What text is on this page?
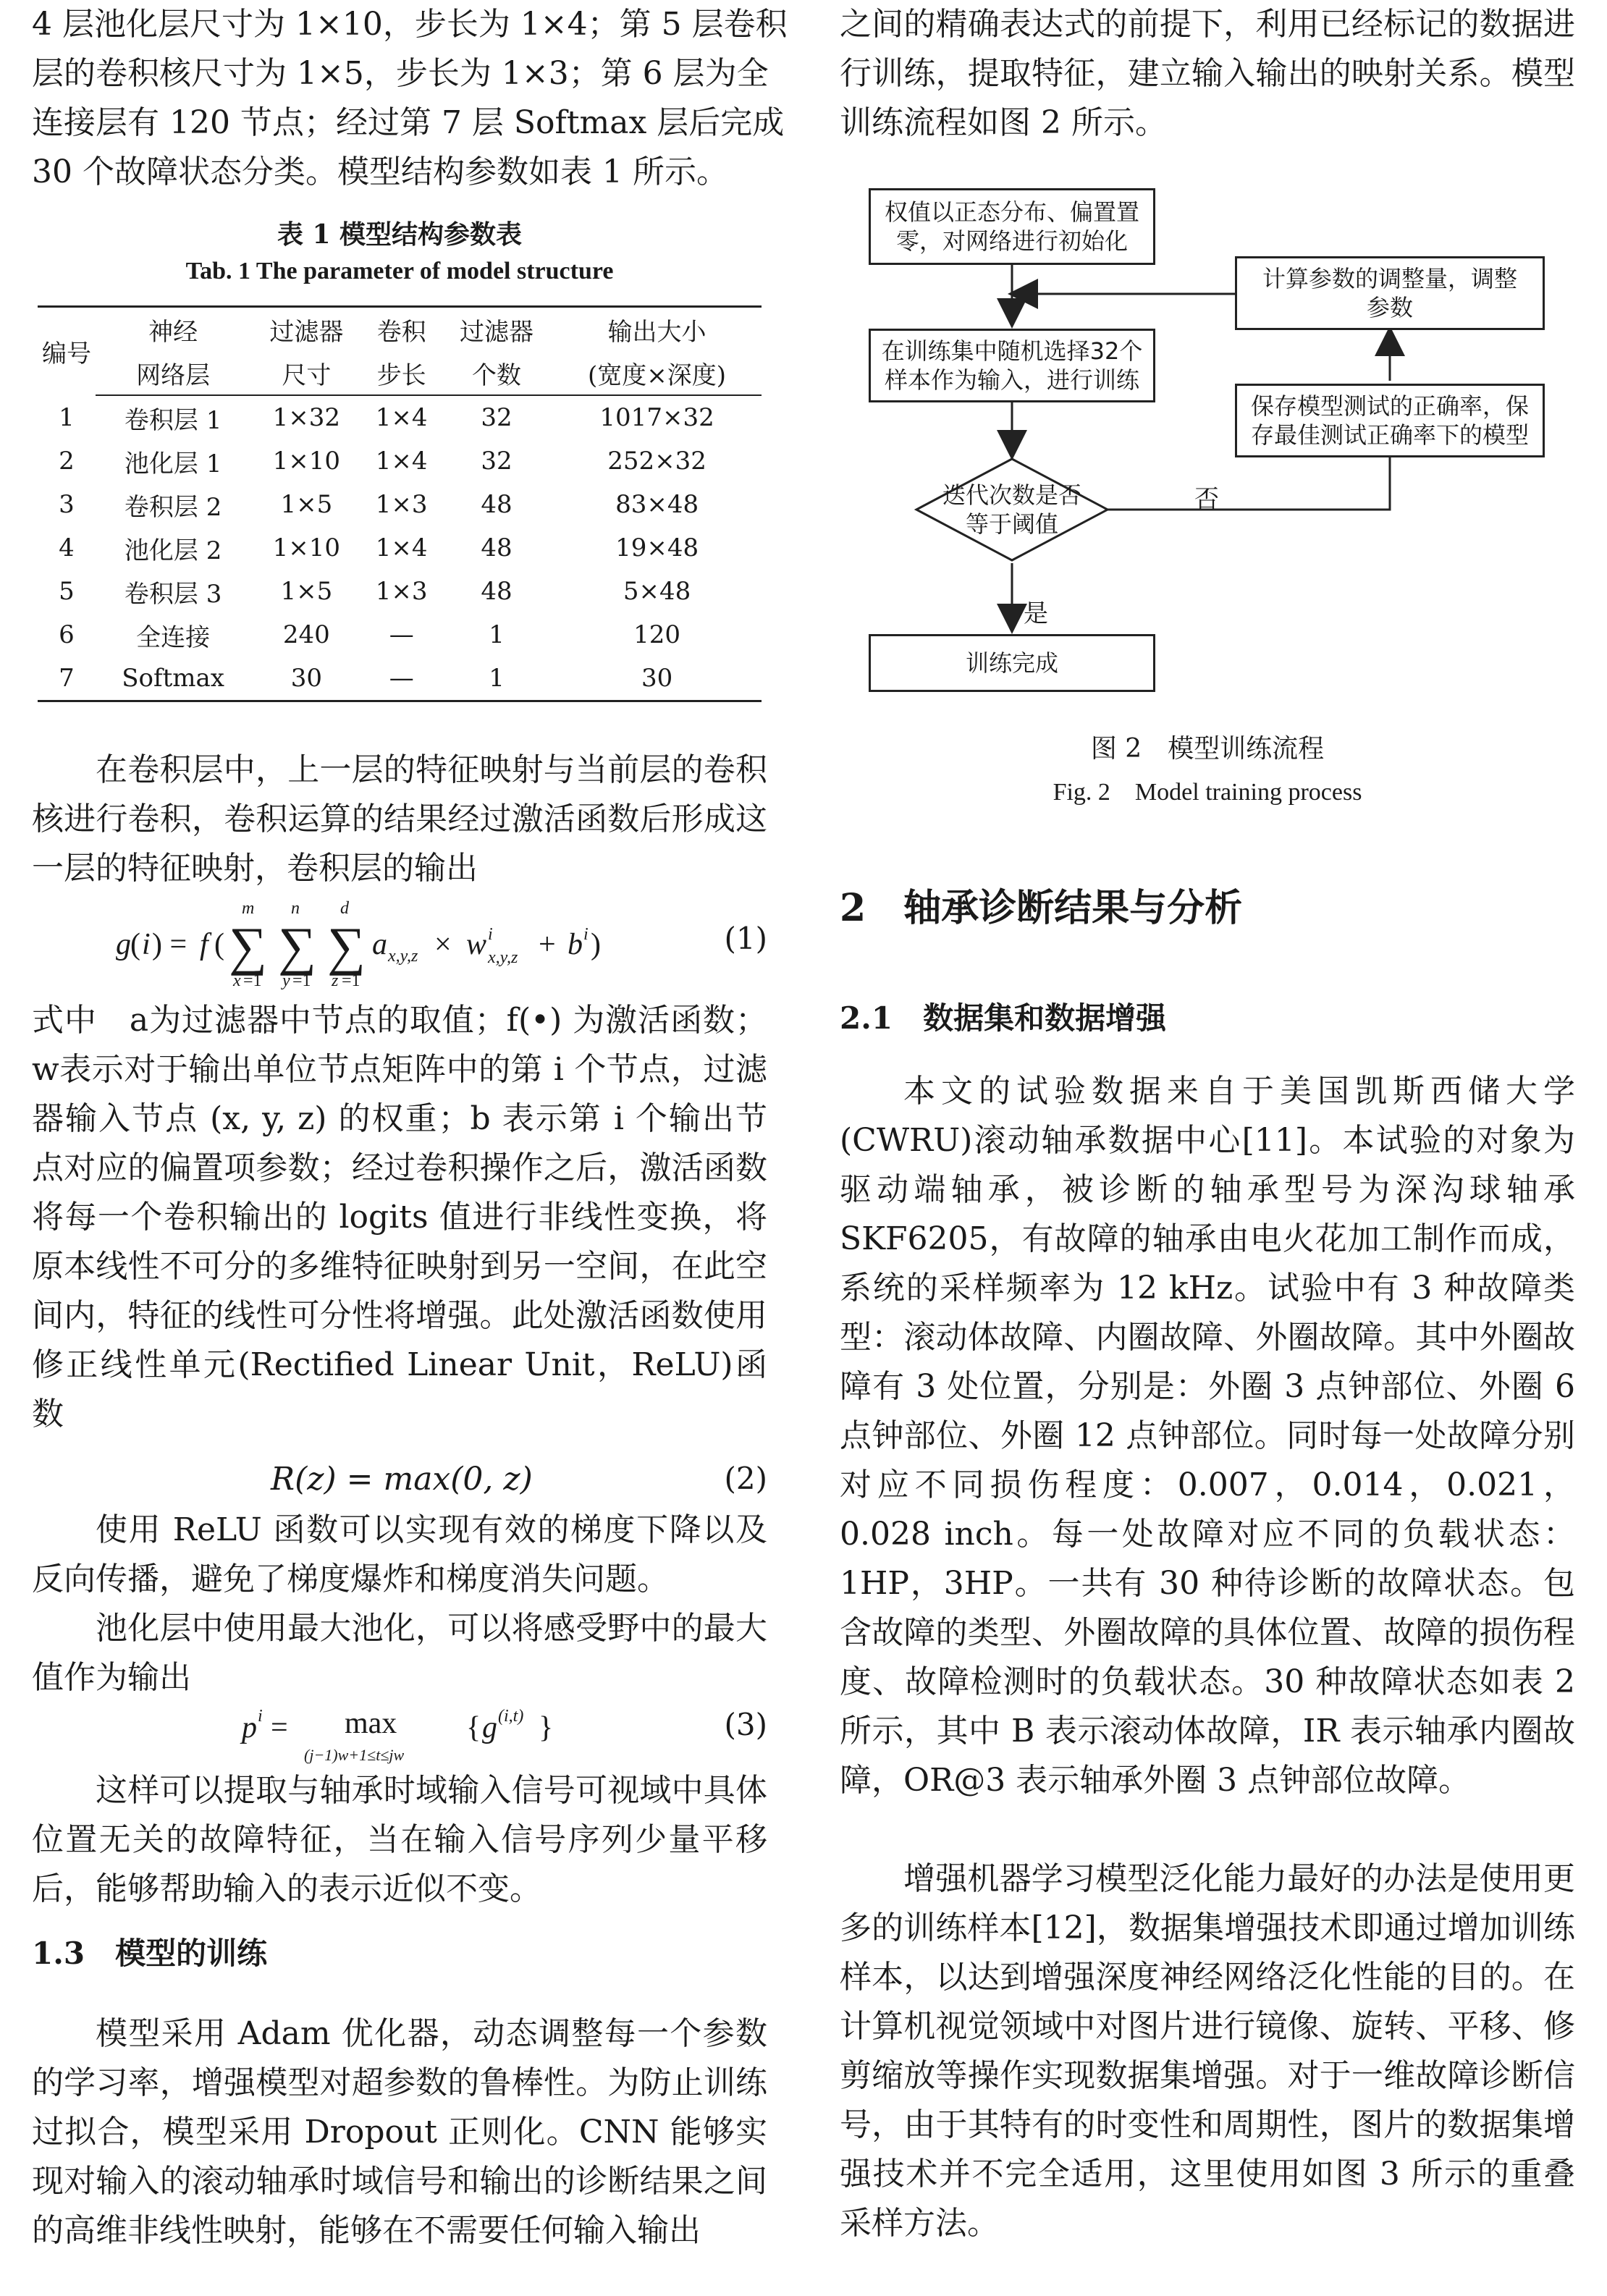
4 层池化层尺寸为 1×10，步长为 1×4；第 5 层卷积
层的卷积核尺寸为 1×5，步长为 1×3；第 6 层为全
连接层有 120 节点；经过第 7 层 Softmax 层后完成
30 个故障状态分类。模型结构参数如表 1 所示。
表 1 模型结构参数表
Tab. 1 The parameter of model structure
编号	神经	过滤器	卷积	过滤器	输出大小
	网络层	尺寸	步长	个数	(宽度×深度)
1	卷积层 1	1×32	1×4	32	1017×32
2	池化层 1	1×10	1×4	32	252×32
3	卷积层 2	1×5	1×3	48	83×48
4	池化层 2	1×10	1×4	48	19×48
5	卷积层 3	1×5	1×3	48	5×48
6	全连接	240	—	1	120
7	Softmax	30	—	1	30

在卷积层中，上一层的特征映射与当前层的卷积核进行卷积，卷积运算的结果经过激活函数后形成这一层的特征映射，卷积层的输出

g ( i ) = f ( ∑
m
x =1
∑
n
y =1
∑
d
z =1
a x,y,z × w i
x,y,z + b i )	(1)

式中　a为过滤器中节点的取值；f(•) 为激活函数；w表示对于输出单位节点矩阵中的第 i 个节点，过滤器输入节点 (x, y, z) 的权重；b 表示第 i 个输出节点对应的偏置项参数；经过卷积操作之后，激活函数将每一个卷积输出的 logits 值进行非线性变换，将原本线性不可分的多维特征映射到另一空间，在此空间内，特征的线性可分性将增强。此处激活函数使用修正线性单元(Rectified Linear Unit，ReLU)函数

R(z) = max(0, z)	(2)

使用 ReLU 函数可以实现有效的梯度下降以及反向传播，避免了梯度爆炸和梯度消失问题。

池化层中使用最大池化，可以将感受野中的最大值作为输出

p i = max
(j−1)w+1≤t≤jw
{ g (i,t) }	(3)

这样可以提取与轴承时域输入信号可视域中具体位置无关的故障特征，当在输入信号序列少量平移后，能够帮助输入的表示近似不变。

1.3　模型的训练

模型采用 Adam 优化器，动态调整每一个参数的学习率，增强模型对超参数的鲁棒性。为防止训练过拟合，模型采用 Dropout 正则化。CNN 能够实现对输入的滚动轴承时域信号和输出的诊断结果之间的高维非线性映射，能够在不需要任何输入输出

之间的精确表达式的前提下，利用已经标记的数据进行训练，提取特征，建立输入输出的映射关系。模型训练流程如图 2 所示。

权值以正态分布、偏置置
零，对网络进行初始化
计算参数的调整量，调整
参数
在训练集中随机选择32个
样本作为输入，进行训练
保存模型测试的正确率，保
存最佳测试正确率下的模型
迭代次数是否
等于阈值
否
是
训练完成
图 2　模型训练流程
Fig. 2　Model training process
2　轴承诊断结果与分析
2.1　数据集和数据增强

本文的试验数据来自于美国凯斯西储大学(CWRU)滚动轴承数据中心[11]。本试验的对象为驱动端轴承，被诊断的轴承型号为深沟球轴承 SKF6205，有故障的轴承由电火花加工制作而成，系统的采样频率为 12 kHz。试验中有 3 种故障类型：滚动体故障、内圈故障、外圈故障。其中外圈故障有 3 处位置，分别是：外圈 3 点钟部位、外圈 6 点钟部位、外圈 12 点钟部位。同时每一处故障分别对应不同损伤程度：0.007，0.014，0.021，0.028 inch。每一处故障对应不同的负载状态：1HP，3HP。一共有 30 种待诊断的故障状态。包含故障的类型、外圈故障的具体位置、故障的损伤程度、故障检测时的负载状态。30 种故障状态如表 2 所示，其中 B 表示滚动体故障，IR 表示轴承内圈故障，OR@3 表示轴承外圈 3 点钟部位故障。

增强机器学习模型泛化能力最好的办法是使用更多的训练样本[12]，数据集增强技术即通过增加训练样本，以达到增强深度神经网络泛化性能的目的。在计算机视觉领域中对图片进行镜像、旋转、平移、修剪缩放等操作实现数据集增强。对于一维故障诊断信号，由于其特有的时变性和周期性，图片的数据集增强技术并不完全适用，这里使用如图 3 所示的重叠采样方法。
